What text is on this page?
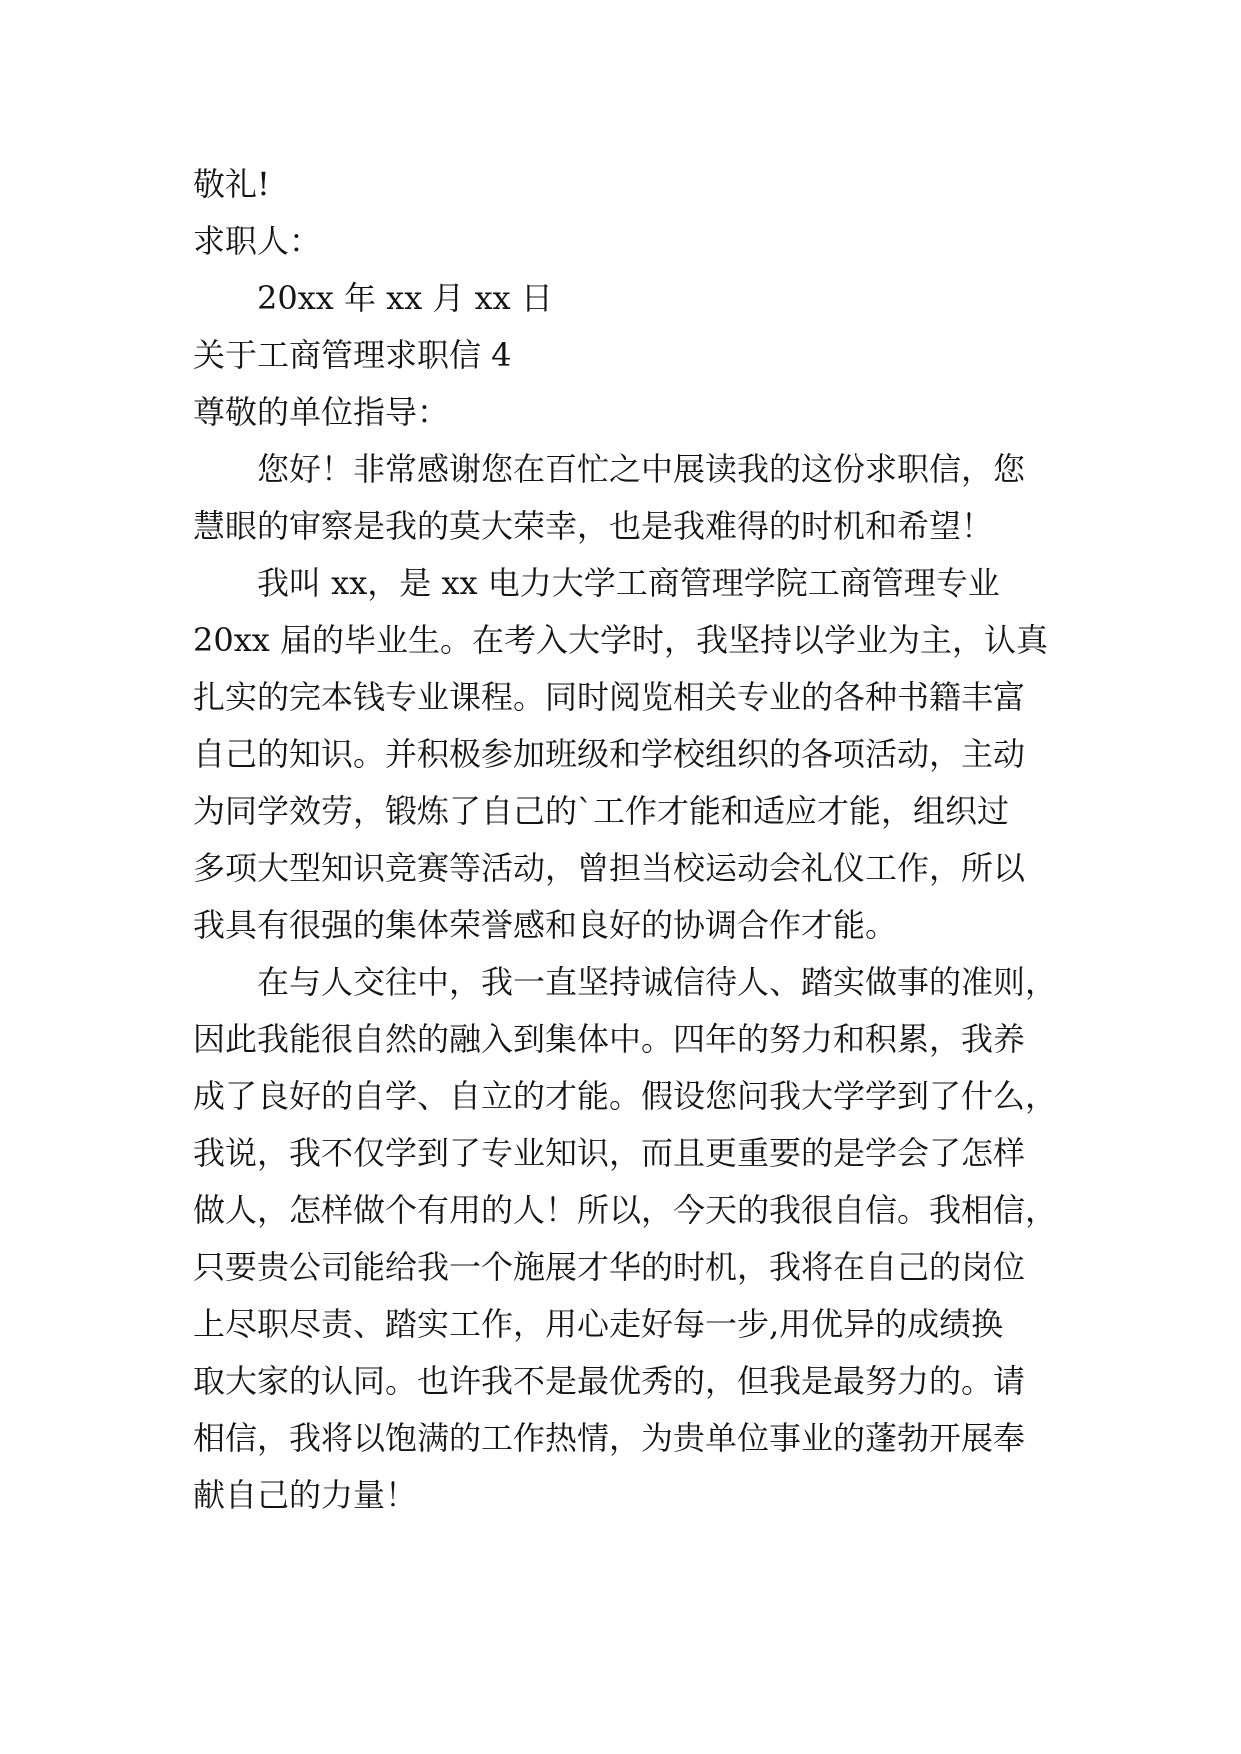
敬礼!
求职人：
20xx 年 xx 月 xx 日
关于工商管理求职信 4
尊敬的单位指导：
您好！非常感谢您在百忙之中展读我的这份求职信，您
慧眼的审察是我的莫大荣幸，也是我难得的时机和希望！
我叫 xx，是 xx 电力大学工商管理学院工商管理专业
20xx 届的毕业生。在考入大学时，我坚持以学业为主，认真
扎实的完本钱专业课程。同时阅览相关专业的各种书籍丰富
自己的知识。并积极参加班级和学校组织的各项活动，主动
为同学效劳，锻炼了自己的`工作才能和适应才能，组织过
多项大型知识竞赛等活动，曾担当校运动会礼仪工作，所以
我具有很强的集体荣誉感和良好的协调合作才能。
在与人交往中，我一直坚持诚信待人、踏实做事的准则，
因此我能很自然的融入到集体中。四年的努力和积累，我养
成了良好的自学、自立的才能。假设您问我大学学到了什么，
我说，我不仅学到了专业知识，而且更重要的是学会了怎样
做人，怎样做个有用的人！所以，今天的我很自信。我相信，
只要贵公司能给我一个施展才华的时机，我将在自己的岗位
上尽职尽责、踏实工作，用心走好每一步,用优异的成绩换
取大家的认同。也许我不是最优秀的，但我是最努力的。请
相信，我将以饱满的工作热情，为贵单位事业的蓬勃开展奉
献自己的力量！
